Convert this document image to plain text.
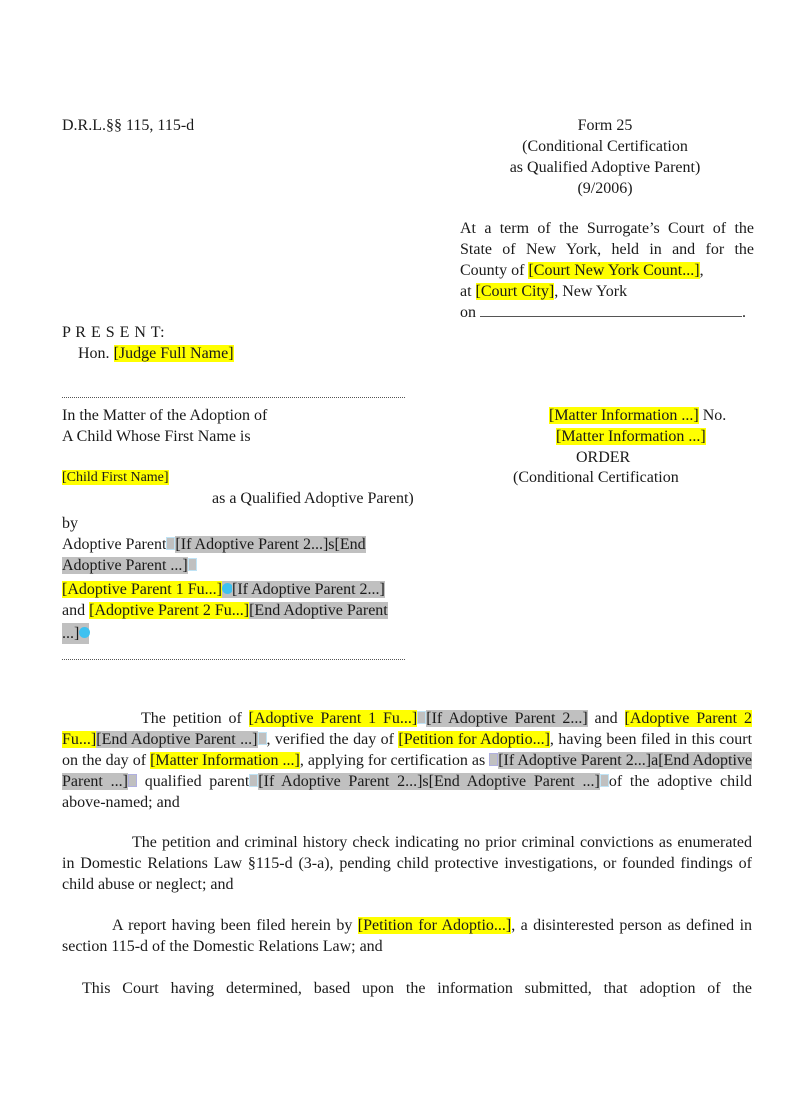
D.R.L.§§ 115, 115-d	Form 25
(Conditional Certification
as Qualified Adoptive Parent)
(9/2006)
At a term of the Surrogate’s Court of the
State of New York, held in and for the
County of [Court New York Count...],
at [Court City], New York
on	.
P R E S E N T:
Hon. [Judge Full Name]
In the Matter of the Adoption of
A Child Whose First Name is
[Child First Name]
as a Qualified Adoptive Parent)
by
Adoptive Parent [If Adoptive Parent 2...]s[End
Adoptive Parent ...]
[Adoptive Parent 1 Fu...] [If Adoptive Parent 2...]
and [Adoptive Parent 2 Fu...][End Adoptive Parent
...]
[Matter Information ...] No.
[Matter Information ...]
ORDER
(Conditional Certification
The petition of [Adoptive Parent 1 Fu...] [If Adoptive Parent 2...] and [Adoptive Parent 2 Fu...][End Adoptive Parent ...] , verified the day of [Petition for Adoptio...], having been filed in this court on the day of [Matter Information ...], applying for certification as [If Adoptive Parent 2...]a[End Adoptive Parent ...] qualified parent [If Adoptive Parent 2...]s[End Adoptive Parent ...] of the adoptive child above-named; and
The petition and criminal history check indicating no prior criminal convictions as enumerated in Domestic Relations Law §115-d (3-a), pending child protective investigations, or founded findings of child abuse or neglect; and
A report having been filed herein by [Petition for Adoptio...], a disinterested person as defined in section 115-d of the Domestic Relations Law; and
This Court having determined, based upon the information submitted, that adoption of the
